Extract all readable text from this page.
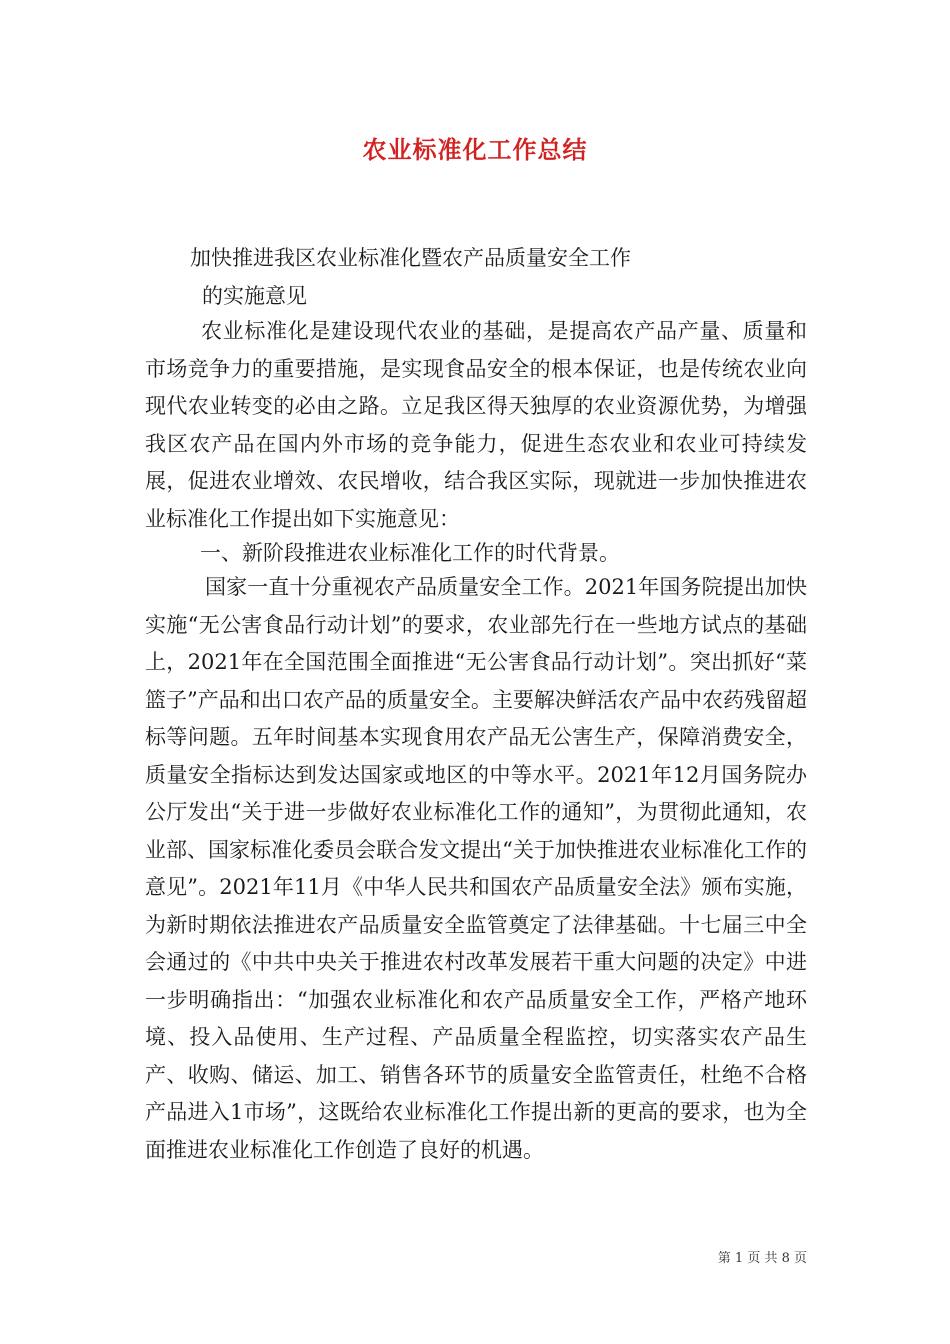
农业标准化工作总结

加快推进我区农业标准化暨农产品质量安全工作

的实施意见

农业标准化是建设现代农业的基础，是提高农产品产量、质量和市场竞争力的重要措施，是实现食品安全的根本保证，也是传统农业向现代农业转变的必由之路。立足我区得天独厚的农业资源优势，为增强我区农产品在国内外市场的竞争能力，促进生态农业和农业可持续发展，促进农业增效、农民增收，结合我区实际，现就进一步加快推进农业标准化工作提出如下实施意见：

一、新阶段推进农业标准化工作的时代背景。

国家一直十分重视农产品质量安全工作。2021年国务院提出加快实施“无公害食品行动计划”的要求，农业部先行在一些地方试点的基础上，2021年在全国范围全面推进“无公害食品行动计划”。突出抓好“菜篮子”产品和出口农产品的质量安全。主要解决鲜活农产品中农药残留超标等问题。五年时间基本实现食用农产品无公害生产，保障消费安全，质量安全指标达到发达国家或地区的中等水平。2021年12月国务院办公厅发出“关于进一步做好农业标准化工作的通知”，为贯彻此通知，农业部、国家标准化委员会联合发文提出“关于加快推进农业标准化工作的意见”。2021年11月《中华人民共和国农产品质量安全法》颁布实施，为新时期依法推进农产品质量安全监管奠定了法律基础。十七届三中全会通过的《中共中央关于推进农村改革发展若干重大问题的决定》中进一步明确指出：“加强农业标准化和农产品质量安全工作，严格产地环境、投入品使用、生产过程、产品质量全程监控，切实落实农产品生产、收购、储运、加工、销售各环节的质量安全监管责任，杜绝不合格产品进入1市场”，这既给农业标准化工作提出新的更高的要求，也为全面推进农业标准化工作创造了良好的机遇。

第 1 页 共 8 页
